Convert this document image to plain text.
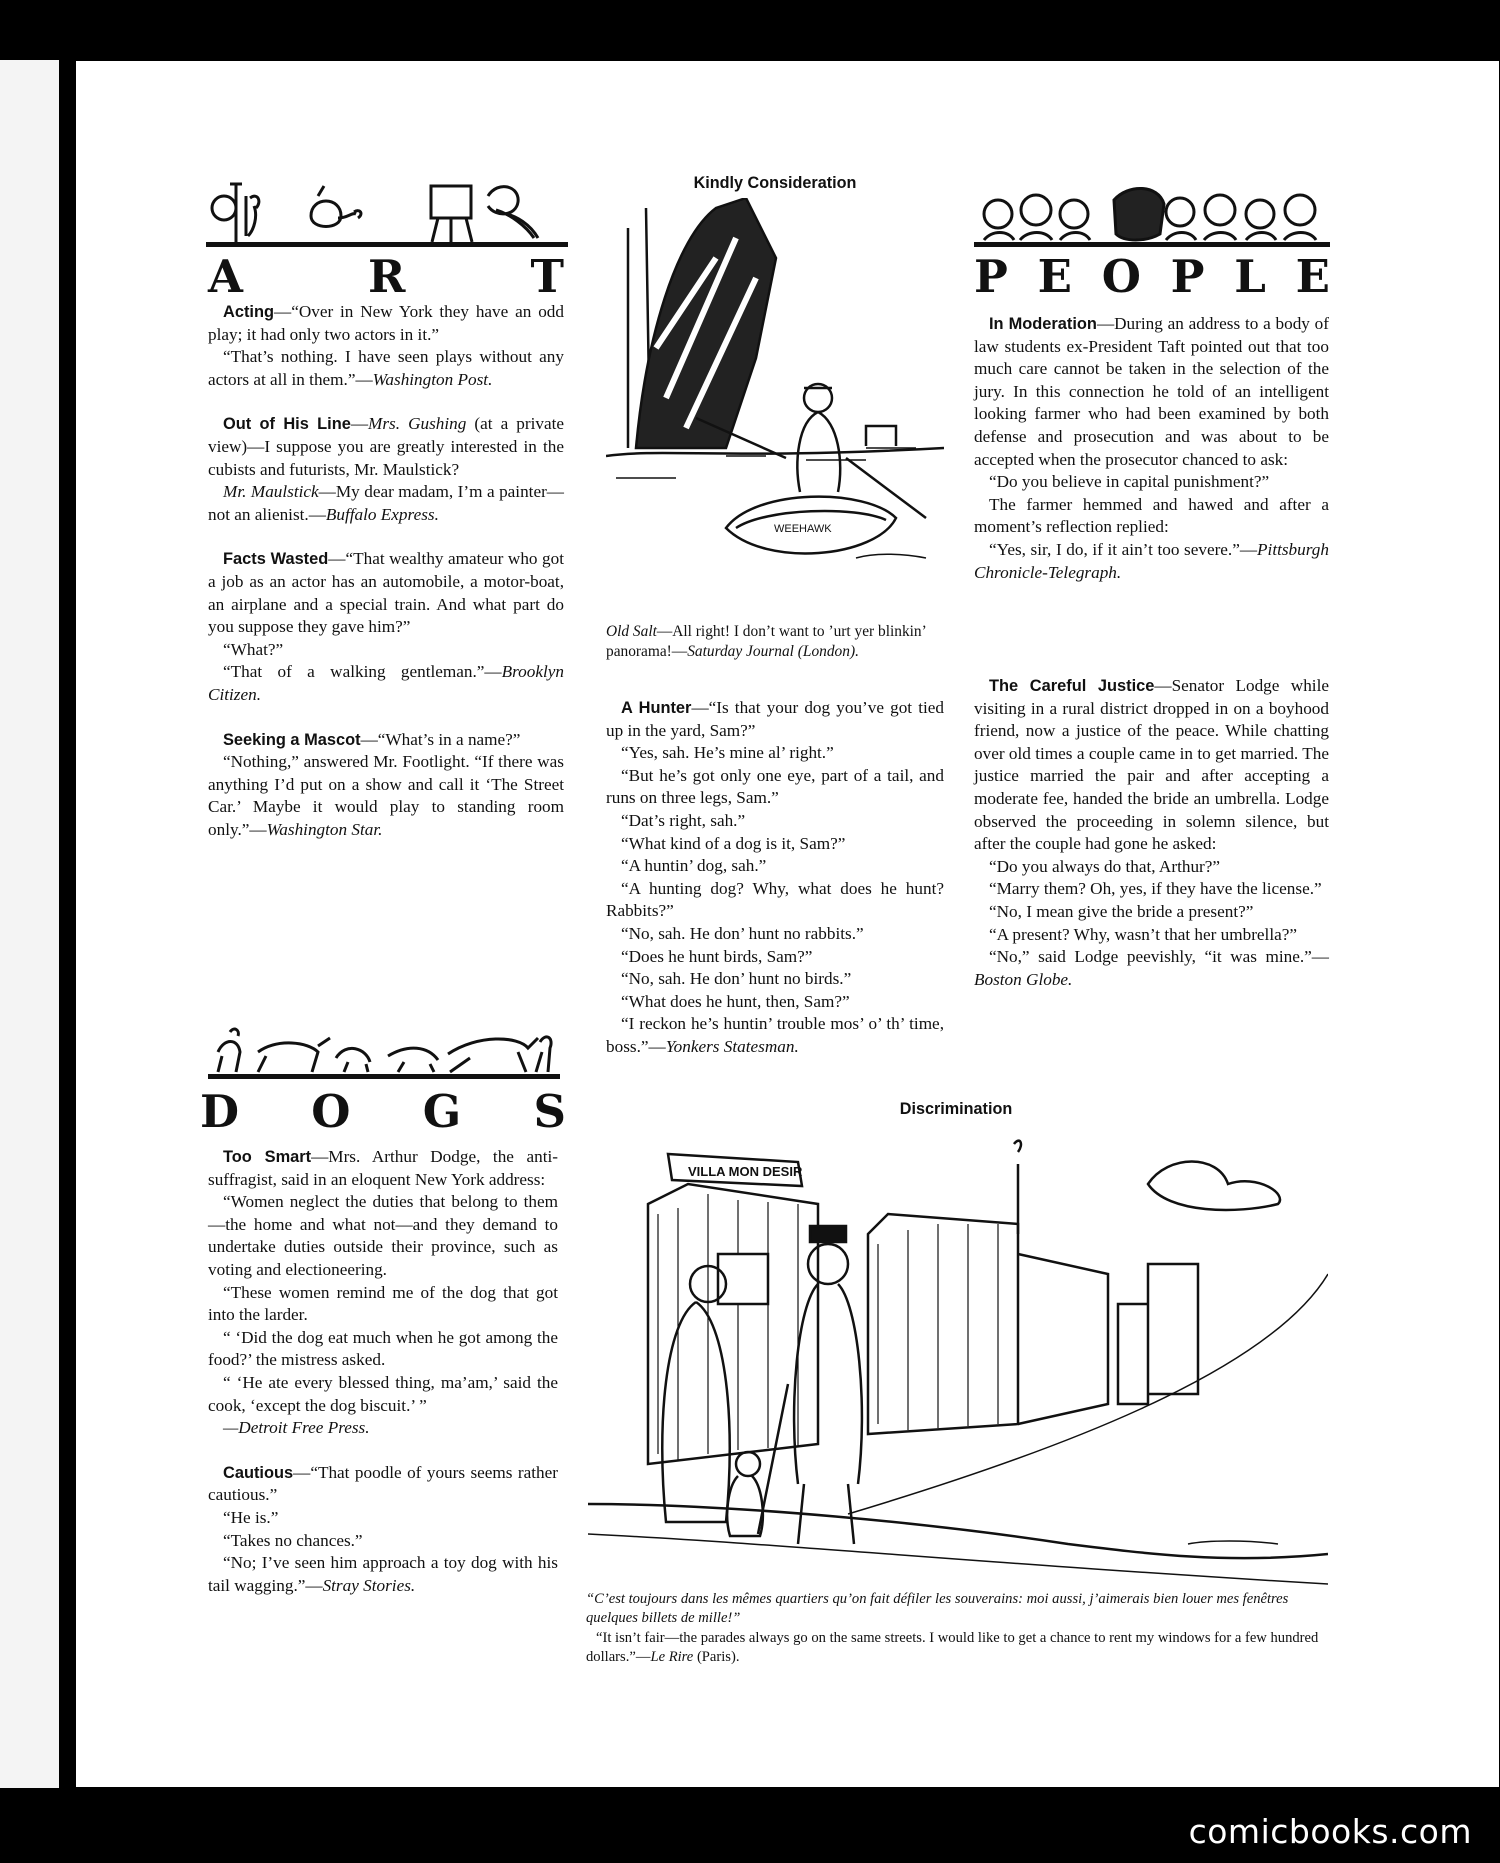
A	R	T

Acting—“Over in New York they have an odd play; it had only two actors in it.”

“That’s nothing. I have seen plays without any actors at all in them.”—Washington Post.

Out of His Line—Mrs. Gushing (at a private view)—I suppose you are greatly interested in the cubists and futurists, Mr. Maulstick?

Mr. Maulstick—My dear madam, I’m a painter—not an alienist.—Buffalo Express.

Facts Wasted—“That wealthy amateur who got a job as an actor has an automobile, a motor-boat, an airplane and a special train. And what part do you suppose they gave him?”

“What?”

“That of a walking gentleman.”—Brooklyn Citizen.

Seeking a Mascot—“What’s in a name?”

“Nothing,” answered Mr. Footlight. “If there was anything I’d put on a show and call it ‘The Street Car.’ Maybe it would play to standing room only.”—Washington Star.

D O G S

Too Smart—Mrs. Arthur Dodge, the anti-suffragist, said in an eloquent New York address:

“Women neglect the duties that belong to them—the home and what not—and they demand to undertake duties outside their province, such as voting and electioneering.

“These women remind me of the dog that got into the larder.

“ ‘Did the dog eat much when he got among the food?’ the mistress asked.

“ ‘He ate every blessed thing, ma’am,’ said the cook, ‘except the dog biscuit.’ ”

—Detroit Free Press.

Cautious—“That poodle of yours seems rather cautious.”

“He is.”

“Takes no chances.”

“No; I’ve seen him approach a toy dog with his tail wagging.”—Stray Stories.

Kindly Consideration
WEEHAWK
Old Salt—All right! I don’t want to ’urt yer blinkin’ panorama!—Saturday Journal (London).

A Hunter—“Is that your dog you’ve got tied up in the yard, Sam?”

“Yes, sah. He’s mine al’ right.”

“But he’s got only one eye, part of a tail, and runs on three legs, Sam.”

“Dat’s right, sah.”

“What kind of a dog is it, Sam?”

“A huntin’ dog, sah.”

“A hunting dog? Why, what does he hunt? Rabbits?”

“No, sah. He don’ hunt no rabbits.”

“Does he hunt birds, Sam?”

“No, sah. He don’ hunt no birds.”

“What does he hunt, then, Sam?”

“I reckon he’s huntin’ trouble mos’ o’ th’ time, boss.”—Yonkers Statesman.

P E O P L E

In Moderation—During an address to a body of law students ex-President Taft pointed out that too much care cannot be taken in the selection of the jury. In this connection he told of an intelligent looking farmer who had been examined by both defense and prosecution and was about to be accepted when the prosecutor chanced to ask:

“Do you believe in capital punishment?”

The farmer hemmed and hawed and after a moment’s reflection replied:

“Yes, sir, I do, if it ain’t too severe.”—Pittsburgh Chronicle-Telegraph.

The Careful Justice—Senator Lodge while visiting in a rural district dropped in on a boyhood friend, now a justice of the peace. While chatting over old times a couple came in to get married. The justice married the pair and after accepting a moderate fee, handed the bride an umbrella. Lodge observed the proceeding in solemn silence, but after the couple had gone he asked:

“Do you always do that, Arthur?”

“Marry them? Oh, yes, if they have the license.”

“No, I mean give the bride a present?”

“A present? Why, wasn’t that her umbrella?”

“No,” said Lodge peevishly, “it was mine.”—Boston Globe.

Discrimination
VILLA MON DESIR
“C’est toujours dans les mêmes quartiers qu’on fait défiler les souverains: moi aussi, j’aimerais bien louer mes fenêtres quelques billets de mille!”
“It isn’t fair—the parades always go on the same streets. I would like to get a chance to rent my windows for a few hundred dollars.”—Le Rire (Paris).
comicbooks.com
